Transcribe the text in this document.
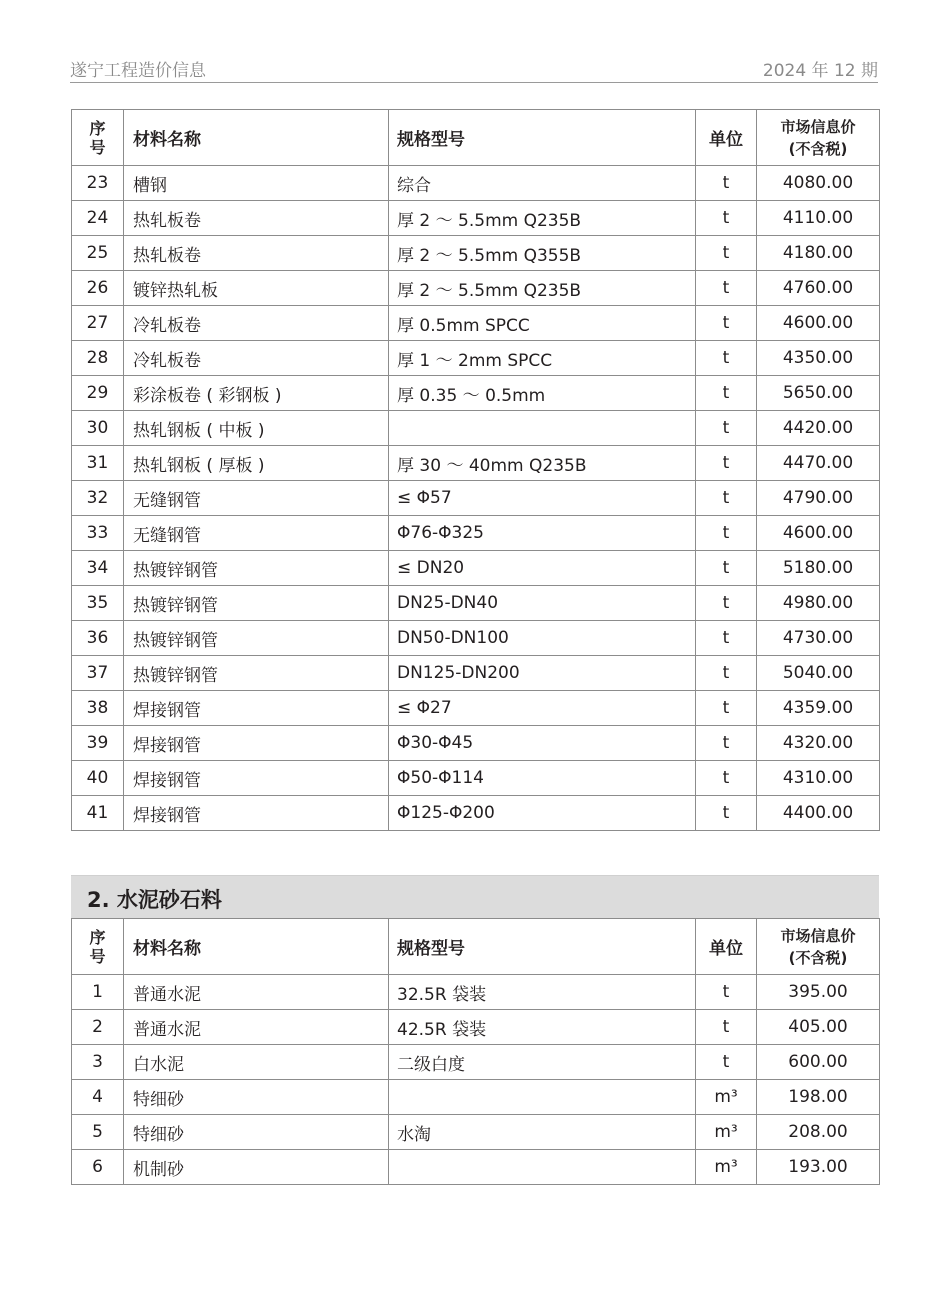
遂宁工程造价信息	2024 年 12 期
序
号	材料名称	规格型号	单位	市场信息价
(不含税)

23	槽钢	综合	t	4080.00
24	热轧板卷	厚 2 ～ 5.5mm Q235B	t	4110.00
25	热轧板卷	厚 2 ～ 5.5mm Q355B	t	4180.00
26	镀锌热轧板	厚 2 ～ 5.5mm Q235B	t	4760.00
27	冷轧板卷	厚 0.5mm SPCC	t	4600.00
28	冷轧板卷	厚 1 ～ 2mm SPCC	t	4350.00
29	彩涂板卷 ( 彩钢板 )	厚 0.35 ～ 0.5mm	t	5650.00
30	热轧钢板 ( 中板 )		t	4420.00
31	热轧钢板 ( 厚板 )	厚 30 ～ 40mm Q235B	t	4470.00
32	无缝钢管	≤ Φ57	t	4790.00
33	无缝钢管	Φ76-Φ325	t	4600.00
34	热镀锌钢管	≤ DN20	t	5180.00
35	热镀锌钢管	DN25-DN40	t	4980.00
36	热镀锌钢管	DN50-DN100	t	4730.00
37	热镀锌钢管	DN125-DN200	t	5040.00
38	焊接钢管	≤ Φ27	t	4359.00
39	焊接钢管	Φ30-Φ45	t	4320.00
40	焊接钢管	Φ50-Φ114	t	4310.00
41	焊接钢管	Φ125-Φ200	t	4400.00
2. 水泥砂石料
序
号	材料名称	规格型号	单位	市场信息价
(不含税)

1	普通水泥	32.5R 袋装	t	395.00
2	普通水泥	42.5R 袋装	t	405.00
3	白水泥	二级白度	t	600.00
4	特细砂		m³	198.00
5	特细砂	水淘	m³	208.00
6	机制砂		m³	193.00
